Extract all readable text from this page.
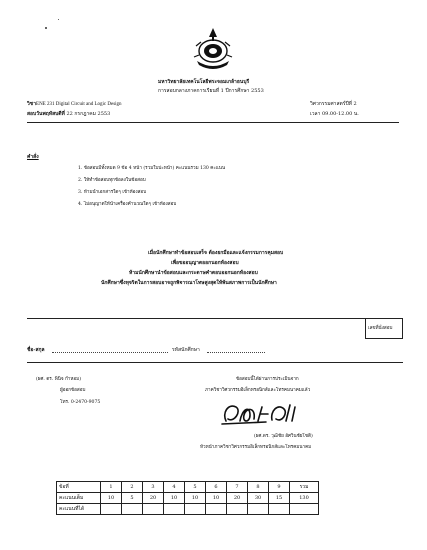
มหาวิทยาลัยเทคโนโลยีพระจอมเกล้าธนบุรี
การสอบกลางภาคการเรียนที่ 1 ปีการศึกษา 2553
วิชาENE 231 Digital Circuit and Logic Design	วิศวกรรมศาสตร์ปีที่ 2
สอบวันพฤหัสบดีที่ 22 กรกฎาคม 2553	เวลา 09.00-12.00 น.
คำสั่ง
1. ข้อสอบมีทั้งหมด 9 ข้อ 4 หน้า (รวมใบปะหน้า) คะแนนรวม 130 คะแนน
2. ให้ทำข้อสอบทุกข้อลงในข้อสอบ
3. ห้ามนำเอกสารใดๆ เข้าห้องสอบ
4. ไม่อนุญาตให้นำเครื่องคำนวณใดๆ เข้าห้องสอบ
เมื่อนักศึกษาทำข้อสอบเสร็จ ต้องยกมือและแจ้งกรรมการคุมสอบ
เพื่อขออนุญาตออกนอกห้องสอบ
ห้ามนักศึกษานำข้อสอบและกระดาษคำตอบออกนอกห้องสอบ
นักศึกษาซึ่งทุจริตในการสอบอาจถูกพิจารณาโทษสูงสุดให้พ้นสภาพการเป็นนักศึกษา
เลขที่นั่งสอบ
ชื่อ-สกุล	รหัสนักศึกษา
(ผศ. ดร. พินิจ กำหอม)
ผู้ออกข้อสอบ
โทร. 0-2470-9075
ข้อสอบนี้ได้ผ่านการประเมินจาก
ภาควิชาวิศวกรรมอิเล็กทรอนิกส์และโทรคมนาคมแล้ว
(ผศ.ดร. วุฒิชัย อัศวินชัยโชติ)
หัวหน้าภาควิชาวิศวกรรมอิเล็กทรอนิกส์และโทรคมนาคม
ข้อที่	1	2	3	4	5	6	7	8	9	รวม
คะแนนเต็ม	10	5	20	10	10	10	20	30	15	130
คะแนนที่ได้										
